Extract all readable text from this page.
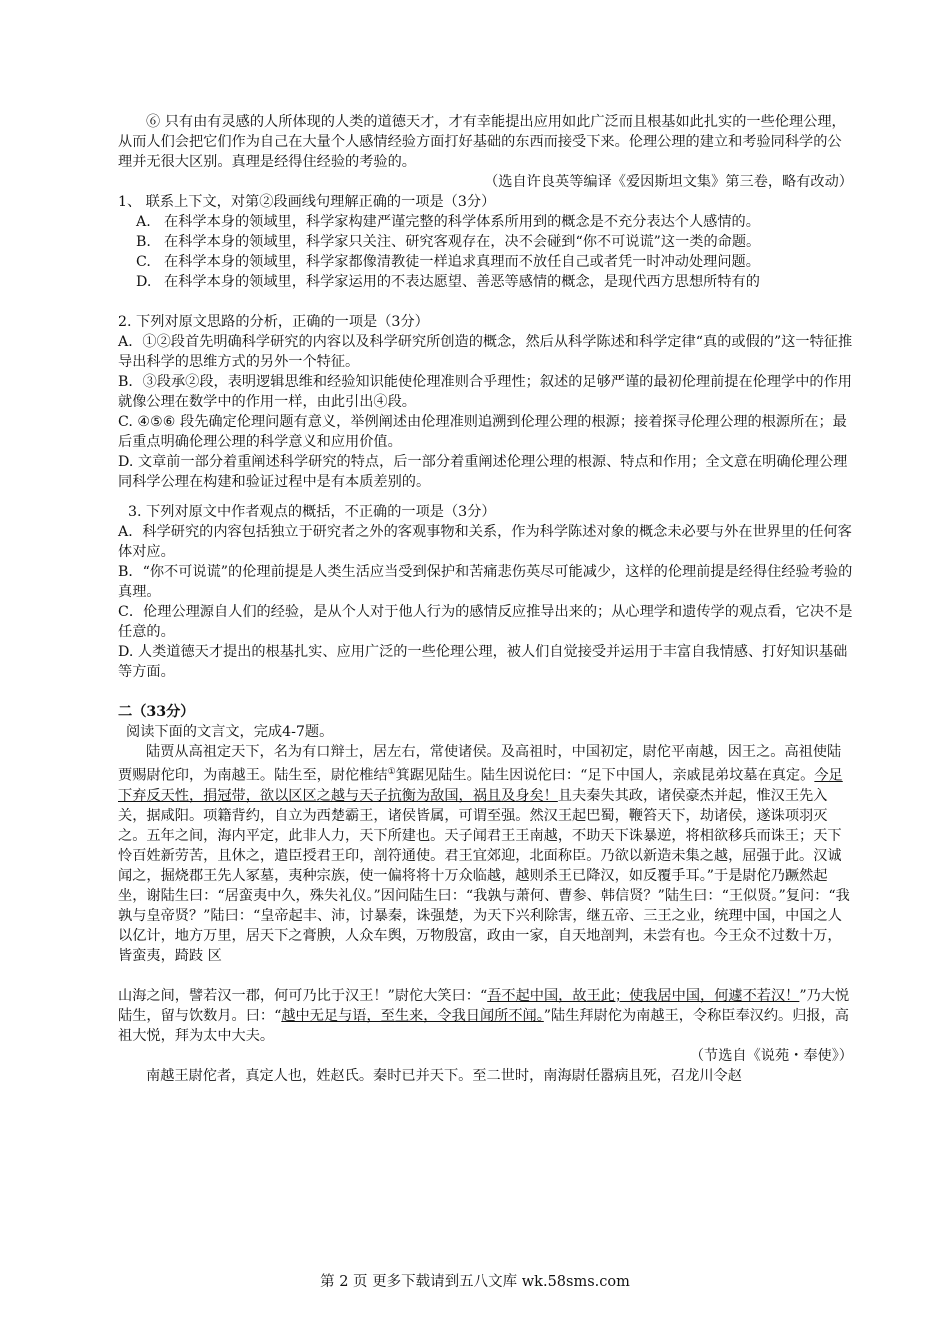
⑥ 只有由有灵感的人所体现的人类的道德天才，才有幸能提出应用如此广泛而且根基如此扎实的一些伦理公理，从而人们会把它们作为自己在大量个人感情经验方面打好基础的东西而接受下来。伦理公理的建立和考验同科学的公理并无很大区别。真理是经得住经验的考验的。

（选自许良英等编译《爱因斯坦文集》第三卷，略有改动）

1、 联系上下文，对第②段画线句理解正确的一项是（3分）

A. 在科学本身的领域里，科学家构建严谨完整的科学体系所用到的概念是不充分表达个人感情的。
B. 在科学本身的领域里，科学家只关注、研究客观存在，决不会碰到“你不可说谎”这一类的命题。
C. 在科学本身的领域里，科学家都像清教徒一样追求真理而不放任自己或者凭一时冲动处理问题。
D. 在科学本身的领域里，科学家运用的不表达愿望、善恶等感情的概念，是现代西方思想所特有的

2. 下列对原文思路的分析，正确的一项是（3分）

A．①②段首先明确科学研究的内容以及科学研究所创造的概念，然后从科学陈述和科学定律“真的或假的”这一特征推导出科学的思维方式的另外一个特征。

B．③段承②段，表明逻辑思维和经验知识能使伦理准则合乎理性；叙述的足够严谨的最初伦理前提在伦理学中的作用就像公理在数学中的作用一样，由此引出④段。

C. ④⑤⑥ 段先确定伦理问题有意义，举例阐述由伦理准则追溯到伦理公理的根源；接着探寻伦理公理的根源所在；最后重点明确伦理公理的科学意义和应用价值。

D. 文章前一部分着重阐述科学研究的特点，后一部分着重阐述伦理公理的根源、特点和作用；全文意在明确伦理公理同科学公理在构建和验证过程中是有本质差别的。

3. 下列对原文中作者观点的概括，不正确的一项是（3分）

A．科学研究的内容包括独立于研究者之外的客观事物和关系，作为科学陈述对象的概念未必要与外在世界里的任何客体对应。

B．“你不可说谎”的伦理前提是人类生活应当受到保护和苦痛悲伤英尽可能减少，这样的伦理前提是经得住经验考验的真理。

C．伦理公理源自人们的经验，是从个人对于他人行为的感情反应推导出来的；从心理学和遗传学的观点看，它决不是任意的。

D. 人类道德天才提出的根基扎实、应用广泛的一些伦理公理，被人们自觉接受并运用于丰富自我情感、打好知识基础等方面。

二（33分）

阅读下面的文言文，完成4-7题。

陆贾从高祖定天下，名为有口辩士，居左右，常使诸侯。及高祖时，中国初定，尉佗平南越，因王之。高祖使陆贾赐尉佗印，为南越王。陆生至，尉佗椎结①箕踞见陆生。陆生因说佗曰：“足下中国人，亲戚昆弟坟墓在真定。今足下弃反天性，捐冠带，欲以区区之越与天子抗衡为敌国，祸且及身矣！且夫秦失其政，诸侯豪杰并起，惟汉王先入关，据咸阳。项籍背约，自立为西楚霸王，诸侯皆属，可谓至强。然汉王起巴蜀，鞭笞天下，劫诸侯，遂诛项羽灭之。五年之间，海内平定，此非人力，天下所建也。天子闻君王王南越，不助天下诛暴逆，将相欲移兵而诛王；天下怜百姓新劳苦，且休之，遣臣授君王印，剖符通使。君王宜郊迎，北面称臣。乃欲以新造未集之越，屈强于此。汉诚闻之，掘烧郡王先人冢墓，夷种宗族，使一偏将将十万众临越，越则杀王已降汉，如反覆手耳。”于是尉佗乃蹶然起坐，谢陆生曰：“居蛮夷中久，殊失礼仪。”因问陆生曰：“我孰与萧何、曹参、韩信贤？”陆生曰：“王似贤。”复问：“我孰与皇帝贤？”陆曰：“皇帝起丰、沛，讨暴秦，诛强楚，为天下兴利除害，继五帝、三王之业，统理中国，中国之人以亿计，地方万里，居天下之膏腴，人众车舆，万物殷富，政由一家，自天地剖判，未尝有也。今王众不过数十万，皆蛮夷，踦跂 区

山海之间，譬若汉一郡，何可乃比于汉王！”尉佗大笑曰：“吾不起中国，故王此；使我居中国，何遽不若汉！”乃大悦陆生，留与饮数月。曰：“越中无足与语，至生来，令我日闻所不闻。”陆生拜尉佗为南越王，令称臣奉汉约。归报，高祖大悦，拜为太中大夫。

（节选自《说苑・奉使》）

南越王尉佗者，真定人也，姓赵氏。秦时已并天下。至二世时，南海尉任嚣病且死，召龙川令赵

第 2 页 更多下载请到五八文库 wk.58sms.com
